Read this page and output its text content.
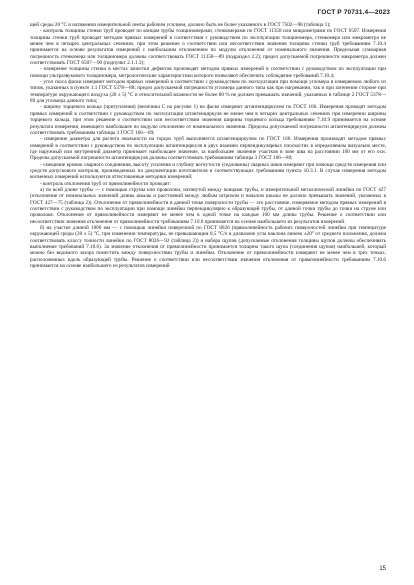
ГОСТ Р 70731.4—2023

щей среды 20 °С и натяжении измерительной ленты рабочим усилием, должно быть не более указанного в ГОСТ 7502—98 (таблица 1);

- контроль толщины стенки труб проводят по концам трубы толщиномерами, стенкомерами по ГОСТ 11358 или микрометрами по ГОСТ 6507. Измерения толщины стенки труб проводят методом прямых измерений в соответствии с руководством по эксплуатации толщиномера, стенкомера или микрометра не менее чем в четырех центральных сечениях, при этом решение о соответствии или несоответствии значения толщины стенки труб требованиям 7.10.4 принимается на основе результатов измерений с наибольшим отклонением по модулю отклонения от номинального значения. Предельная суммарная погрешность стенкомера или толщиномера должны соответствовать ГОСТ 11358—89 (подраздел 2.2); предел допускаемой погрешности микрометра должен соответствовать ГОСТ 6507—90 (подпункт 2.1.1.3);

- измерение толщины стенки в местах зачистки дефектов производят методом прямых измерений в соответствии с руководством по эксплуатации при помощи ультразвукового толщиномера, метрологические характеристики которого позволяют обеспечить соблюдение требований 7.10.4;

- угол скоса фаски измеряют методом прямых измерений в соответствии с руководством по эксплуатации при помощи угломера в измеряемом любого из типов, указанных в пункте 1.1 ГОСТ 5378—88; предел допускаемой погрешности угломера данного типа как при нагревании, так и при затенении стороне при температуре окружающего воздуха (20 ± 5) °С и относительной влажности не более 80 % не должен превышать значений, указанных в таблице 2 ГОСТ 5378—89 для угломера данного типа;

- ширину торцевого кольца (притупления) (величина С на рисунке 1) на фаске измеряют штангенциркулем по ГОСТ 166. Измерения проводят методом прямых измерений в соответствии с руководством по эксплуатации штангенциркуля не менее чем в четырех центральных сечениях при измерении ширины торцевого кольца, при этом решение о соответствии или несоответствии значения ширины торцевого кольца требованиям 7.10.9 принимается на основе результата измерения, имеющего наибольшее по модулю отклонение от номинального значения. Пределы допускаемой погрешности штангенциркуля должны соответствовать требованиям таблицы 3 ГОСТ 166—89;

- измерение диаметра для расчета овальности на торцах труб выполняется штангенциркулем по ГОСТ 166. Измерения производят методом прямых измерений в соответствии с руководством по эксплуатации штангенциркуля в двух взаимно перпендикулярных плоскостях в определяемом визуально месте, где наружный или внутренний диаметр принимает наибольшее значение, за наибольшее значение участков в зоне шва на расстоянии 100 мм от его оси. Пределы допускаемой погрешности штангенциркуля должны соответствовать требованиям таблицы 3 ГОСТ 166—89;

- смещение кромок сварного соединения, высоту усиления и глубину вогнутости (седловины) сварных швов измеряют при помощи средств измерения или средств допускового контроля, произведенных по документации изготовителя и соответствующих требованиям пункта 10.3.1. В случае измерения методом косвенных измерений используются аттестованные методики измерений;

- контроль отклонения труб от прямолинейности проводят:

а) по всей длине трубы — с помощью струны или проволоки, натянутой между концами трубы, и измерительной металлической линейки по ГОСТ 427 (отклонение от номинальных значений длины шкалы и расстояний между любым штрихом и началом шкалы не должно превышать значений, указанных в ГОСТ 427—75 (таблица 2)). Отклонение от прямолинейности в данной точке поверхности трубы — это расстояние, измеряемое методом прямых измерений в соответствии с руководством по эксплуатации при помощи линейки перпендикулярно к образующей трубы, от данной точки трубы до точки на струне или проволоке. Отклонение от прямолинейности измеряют не менее чем в одной точке на каждые 100 мм длины трубы. Решение о соответствии или несоответствии значения отклонения от прямолинейности требованиям 7.10.6 принимается на основе наибольшего из результатов измерений.

б) на участке длиной 1000 мм — с помощью линейки поверочной по ГОСТ 8026 (прямолинейность рабочих поверхностей линейки при температуре окружающей среды (20 ± 5) °С, при изменении температуры, не превышающем 0,5 °С/ч в диапазоне угла наклона линеек ±20° от среднего положения, должна соответствовать классу точности линейки по ГОСТ 8026—92 (таблица 2)) и набора щупов (допускаемые отклонения толщины щупов должны обеспечивать выполнение требований 7.10.6). За значение отклонения от прямолинейности принимается толщина такого щупа (соединения щупов) наибольшей, который можно без видимого зазора поместить между поверхностями трубы и линейки. Отклонение от прямолинейности измеряют не менее чем в трех точках, расположенных вдоль образующей трубы. Решение о соответствии или несоответствии значения отклонения от прямолинейности требованиям 7.10.6 принимается на основе наибольшего из результатов измерений

15
